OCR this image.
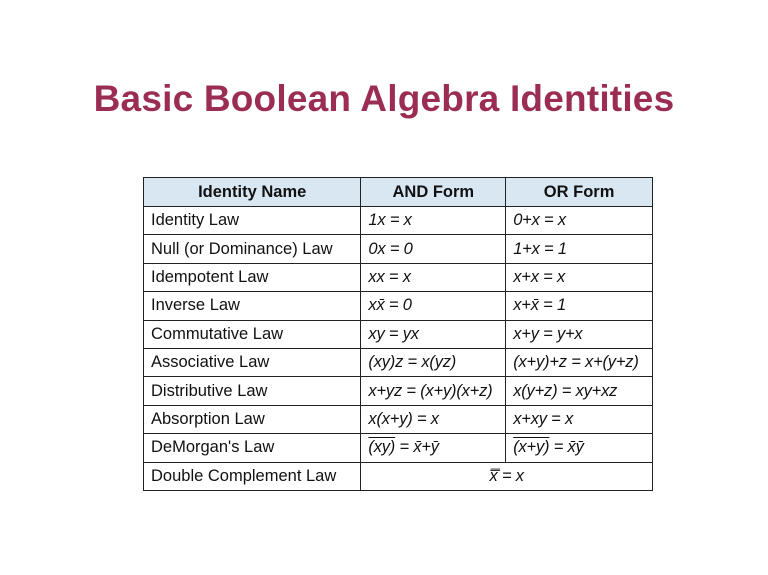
Basic Boolean Algebra Identities
Identity Name	AND Form	OR Form
Identity Law	1x = x	0+x = x
Null (or Dominance) Law	0x = 0	1+x = 1
Idempotent Law	xx = x	x+x = x
Inverse Law	xx̄ = 0	x+x̄ = 1
Commutative Law	xy = yx	x+y = y+x
Associative Law	(xy)z = x(yz)	(x+y)+z = x+(y+z)
Distributive Law	x+yz = (x+y)(x+z)	x(y+z) = xy+xz
Absorption Law	x(x+y) = x	x+xy = x
DeMorgan's Law	(xy) = x̄+ȳ	(x+y) = x̄ȳ
Double Complement Law	x̿ = x	
